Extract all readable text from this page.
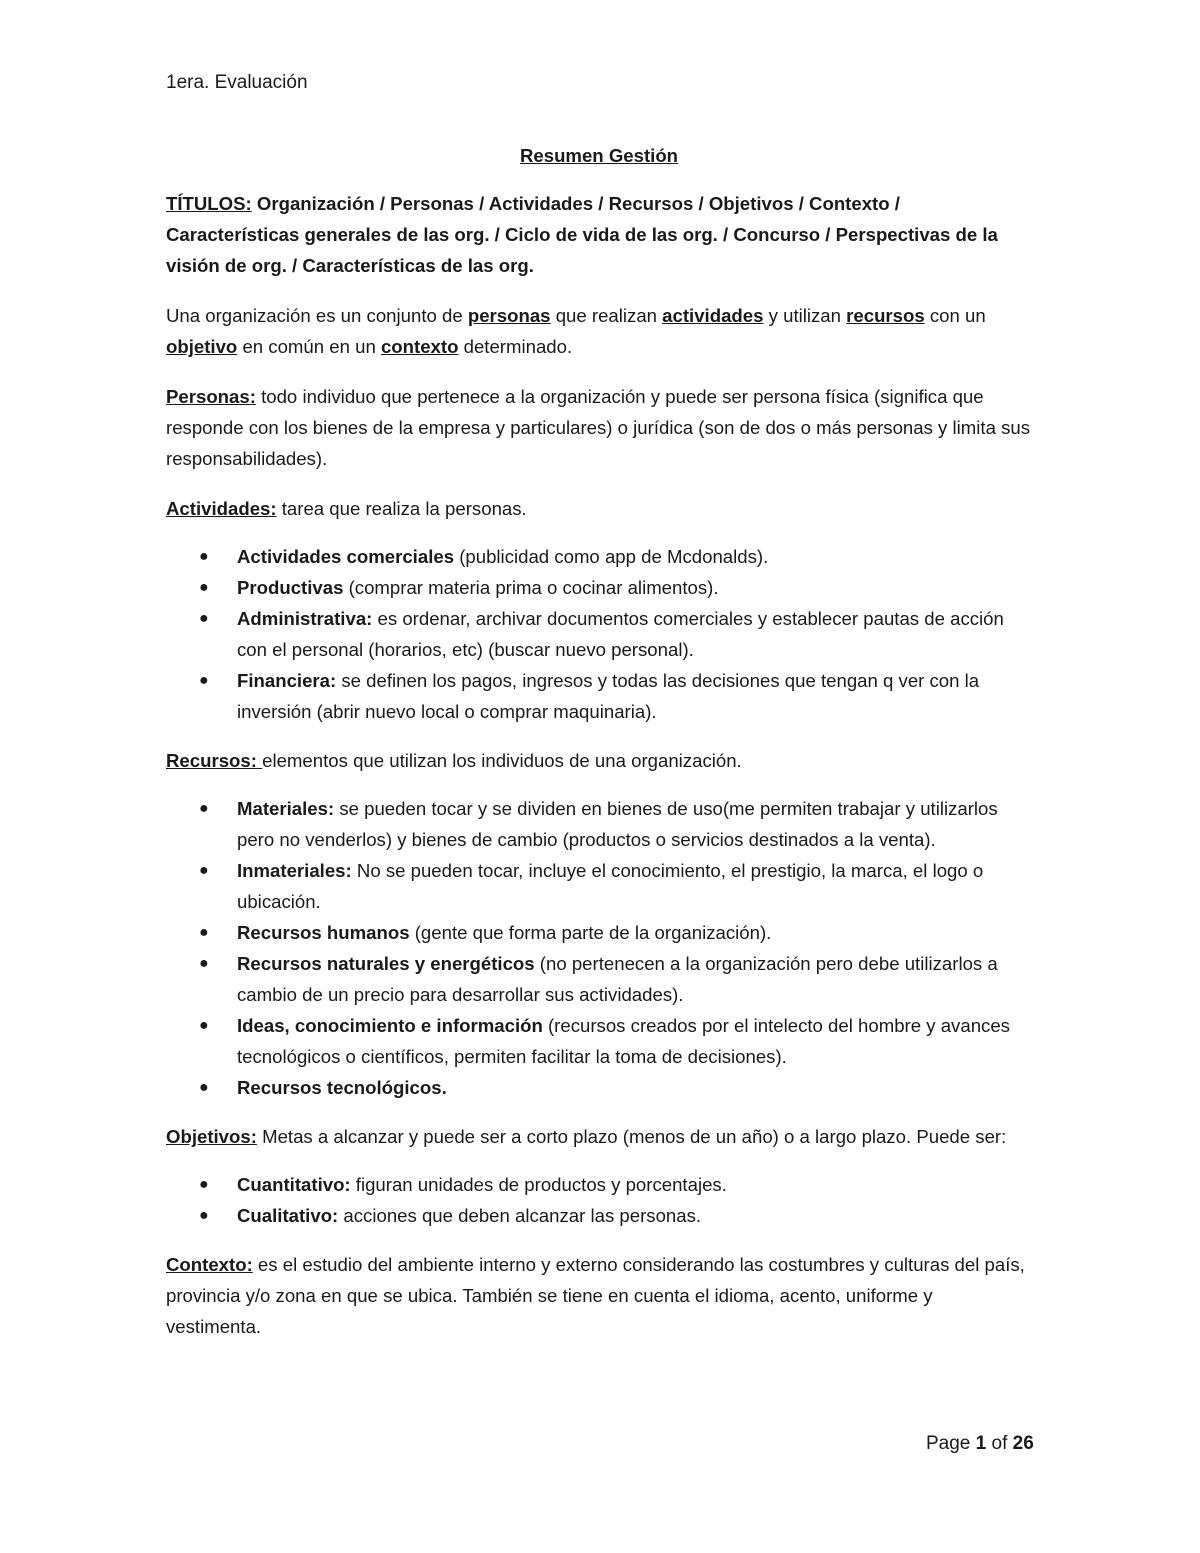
1era. Evaluación
Resumen Gestión

TÍTULOS: Organización / Personas / Actividades / Recursos / Objetivos / Contexto / Características generales de las org. / Ciclo de vida de las org. / Concurso / Perspectivas de la visión de org. / Características de las org.

Una organización es un conjunto de personas que realizan actividades y utilizan recursos con un objetivo en común en un contexto determinado.

Personas: todo individuo que pertenece a la organización y puede ser persona física (significa que responde con los bienes de la empresa y particulares) o jurídica (son de dos o más personas y limita sus responsabilidades).

Actividades: tarea que realiza la personas.

● Actividades comerciales (publicidad como app de Mcdonalds).
● Productivas (comprar materia prima o cocinar alimentos).
● Administrativa: es ordenar, archivar documentos comerciales y establecer pautas de acción con el personal (horarios, etc) (buscar nuevo personal).
● Financiera: se definen los pagos, ingresos y todas las decisiones que tengan q ver con la inversión (abrir nuevo local o comprar maquinaria).

Recursos: elementos que utilizan los individuos de una organización.

● Materiales: se pueden tocar y se dividen en bienes de uso(me permiten trabajar y utilizarlos pero no venderlos) y bienes de cambio (productos o servicios destinados a la venta).
● Inmateriales: No se pueden tocar, incluye el conocimiento, el prestigio, la marca, el logo o ubicación.
● Recursos humanos (gente que forma parte de la organización).
● Recursos naturales y energéticos (no pertenecen a la organización pero debe utilizarlos a cambio de un precio para desarrollar sus actividades).
● Ideas, conocimiento e información (recursos creados por el intelecto del hombre y avances tecnológicos o científicos, permiten facilitar la toma de decisiones).
● Recursos tecnológicos.

Objetivos: Metas a alcanzar y puede ser a corto plazo (menos de un año) o a largo plazo. Puede ser:

● Cuantitativo: figuran unidades de productos y porcentajes.
● Cualitativo: acciones que deben alcanzar las personas.

Contexto: es el estudio del ambiente interno y externo considerando las costumbres y culturas del país, provincia y/o zona en que se ubica. También se tiene en cuenta el idioma, acento, uniforme y vestimenta.

Page 1 of 26
